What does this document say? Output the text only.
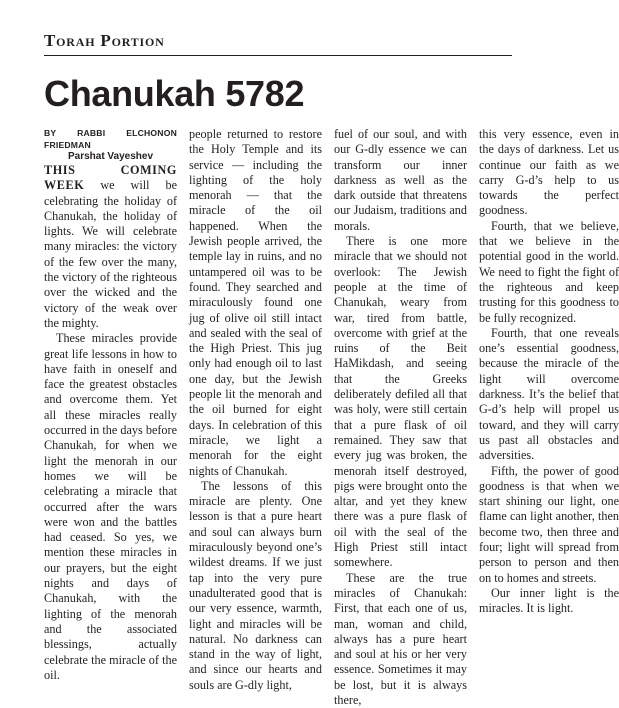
Torah Portion
Chanukah 5782

BY RABBI ELCHONON FRIEDMAN

Parshat Vayeshev

THIS COMING WEEK we will be celebrating the holiday of Chanukah, the holiday of lights. We will celebrate many miracles: the victory of the few over the many, the victory of the righteous over the wicked and the victory of the weak over the mighty.

These miracles provide great life lessons in how to have faith in oneself and face the greatest obstacles and overcome them. Yet all these miracles really occurred in the days before Chanukah, for when we light the menorah in our homes we will be celebrating a miracle that occurred after the wars were won and the battles had ceased. So yes, we mention these miracles in our prayers, but the eight nights and days of Chanukah, with the lighting of the menorah and the associated blessings, actually celebrate the miracle of the oil.

people returned to restore the Holy Temple and its service — including the lighting of the holy menorah — that the miracle of the oil happened. When the Jewish people arrived, the temple lay in ruins, and no untampered oil was to be found. They searched and miraculously found one jug of olive oil still intact and sealed with the seal of the High Priest. This jug only had enough oil to last one day, but the Jewish people lit the menorah and the oil burned for eight days. In celebration of this miracle, we light a menorah for the eight nights of Chanukah.

The lessons of this miracle are plenty. One lesson is that a pure heart and soul can always burn miraculously beyond one’s wildest dreams. If we just tap into the very pure unadulterated good that is our very essence, warmth, light and miracles will be natural. No darkness can stand in the way of light, and since our hearts and souls are G-dly light,

fuel of our soul, and with our G-dly essence we can transform our inner darkness as well as the dark outside that threatens our Judaism, traditions and morals.

There is one more miracle that we should not overlook: The Jewish people at the time of Chanukah, weary from war, tired from battle, overcome with grief at the ruins of the Beit HaMikdash, and seeing that the Greeks deliberately defiled all that was holy, were still certain that a pure flask of oil remained. They saw that every jug was broken, the menorah itself destroyed, pigs were brought onto the altar, and yet they knew there was a pure flask of oil with the seal of the High Priest still intact somewhere.

These are the true miracles of Chanukah: First, that each one of us, man, woman and child, always has a pure heart and soul at his or her very essence. Sometimes it may be lost, but it is always there,

this very essence, even in the days of darkness. Let us continue our faith as we carry G-d’s help to us towards the perfect goodness.

Fourth, that we believe, that we believe in the potential good in the world. We need to fight the fight of the righteous and keep trusting for this goodness to be fully recognized.

Fourth, that one reveals one’s essential goodness, because the miracle of the light will overcome darkness. It’s the belief that G-d’s help will propel us toward, and they will carry us past all obstacles and adversities.

Fifth, the power of good goodness is that when we start shining our light, one flame can light another, then become two, then three and four; light will spread from person to person and then on to homes and streets.

Our inner light is the miracles. It is light.
